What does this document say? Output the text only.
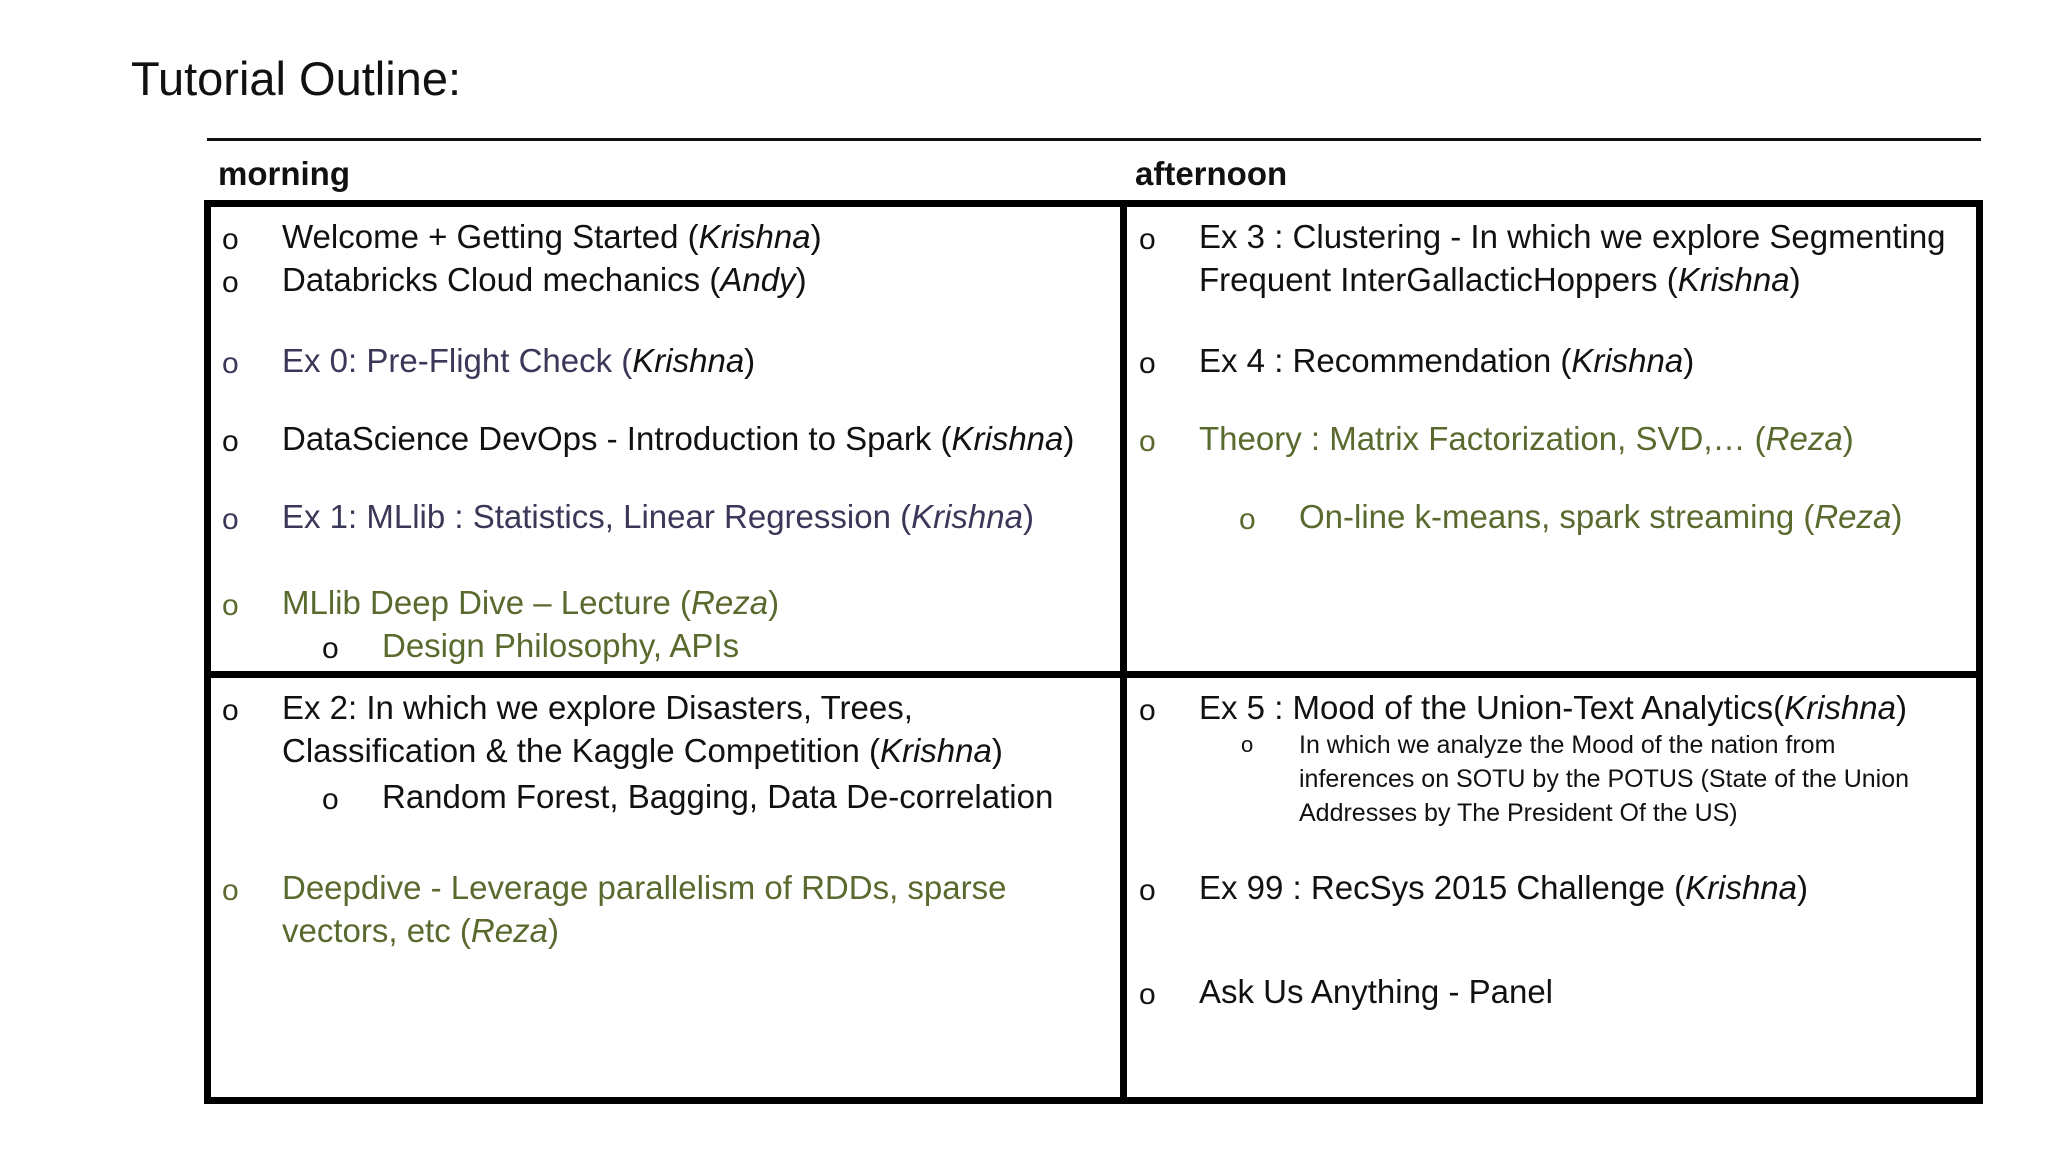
Tutorial Outline:
morning	afternoon
o Welcome + Getting Started (Krishna)
o Databricks Cloud mechanics (Andy)
o Ex 0: Pre-Flight Check (Krishna)
o DataScience DevOps - Introduction to Spark (Krishna)
o Ex 1: MLlib : Statistics, Linear Regression (Krishna)
o MLlib Deep Dive – Lecture (Reza)
o Design Philosophy, APIs
o Ex 2: In which we explore Disasters, Trees,
Classification & the Kaggle Competition (Krishna)
o Random Forest, Bagging, Data De-correlation
o Deepdive - Leverage parallelism of RDDs, sparse
vectors, etc (Reza)
o Ex 3 : Clustering - In which we explore Segmenting
Frequent InterGallacticHoppers (Krishna)
o Ex 4 : Recommendation (Krishna)
o Theory : Matrix Factorization, SVD,… (Reza)
o On-line k-means, spark streaming (Reza)
o Ex 5 : Mood of the Union-Text Analytics(Krishna)
o In which we analyze the Mood of the nation from
inferences on SOTU by the POTUS (State of the Union
Addresses by The President Of the US)
o Ex 99 : RecSys 2015 Challenge (Krishna)
o Ask Us Anything - Panel
